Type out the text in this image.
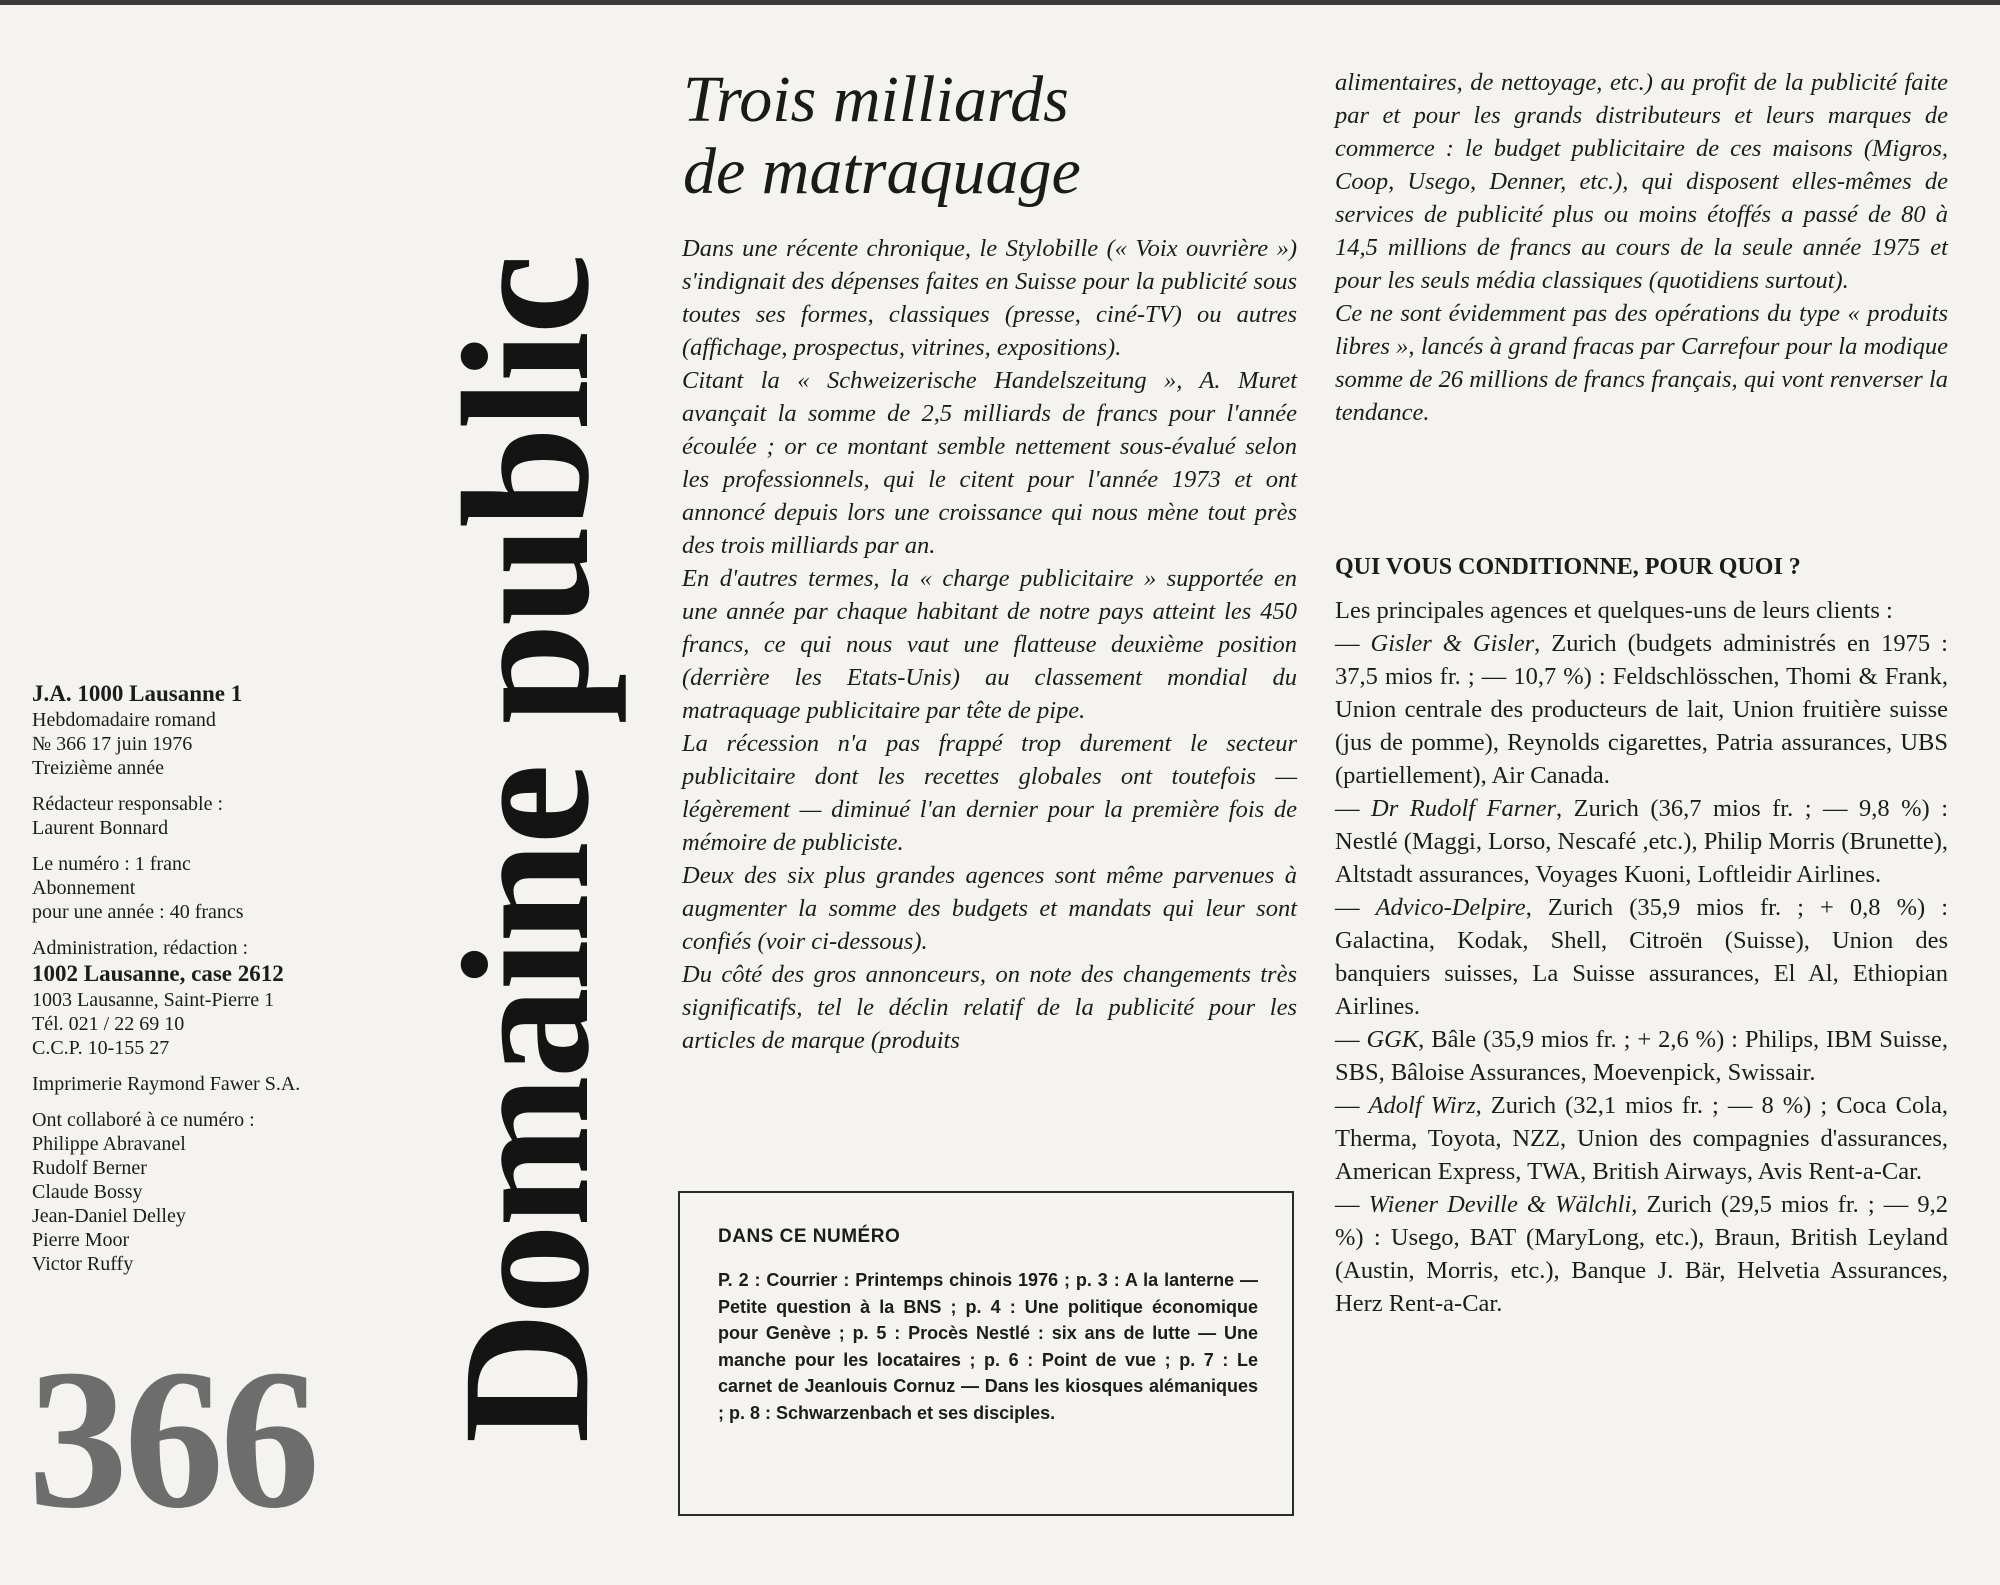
J.A. 1000 Lausanne 1
Hebdomadaire romand
№ 366 17 juin 1976
Treizième année
Rédacteur responsable :
Laurent Bonnard
Le numéro : 1 franc
Abonnement
pour une année : 40 francs
Administration, rédaction :
1002 Lausanne, case 2612
1003 Lausanne, Saint-Pierre 1
Tél. 021 / 22 69 10
C.C.P. 10-155 27
Imprimerie Raymond Fawer S.A.
Ont collaboré à ce numéro :
Philippe Abravanel
Rudolf Berner
Claude Bossy
Jean-Daniel Delley
Pierre Moor
Victor Ruffy
366 Domaine public
Trois milliards
de matraquage

Dans une récente chronique, le Stylobille (« Voix ouvrière ») s'indignait des dépenses faites en Suisse pour la publicité sous toutes ses formes, classiques (presse, ciné-TV) ou autres (affichage, prospectus, vitrines, expositions).

Citant la « Schweizerische Handelszeitung », A. Muret avançait la somme de 2,5 milliards de francs pour l'année écoulée ; or ce montant semble nettement sous-évalué selon les professionnels, qui le citent pour l'année 1973 et ont annoncé depuis lors une croissance qui nous mène tout près des trois milliards par an.

En d'autres termes, la « charge publicitaire » supportée en une année par chaque habitant de notre pays atteint les 450 francs, ce qui nous vaut une flatteuse deuxième position (derrière les Etats-Unis) au classement mondial du matraquage publicitaire par tête de pipe.

La récession n'a pas frappé trop durement le secteur publicitaire dont les recettes globales ont toutefois — légèrement — diminué l'an dernier pour la première fois de mémoire de publiciste.

Deux des six plus grandes agences sont même parvenues à augmenter la somme des budgets et mandats qui leur sont confiés (voir ci-dessous).

Du côté des gros annonceurs, on note des changements très significatifs, tel le déclin relatif de la publicité pour les articles de marque (produits

alimentaires, de nettoyage, etc.) au profit de la publicité faite par et pour les grands distributeurs et leurs marques de commerce : le budget publicitaire de ces maisons (Migros, Coop, Usego, Denner, etc.), qui disposent elles-mêmes de services de publicité plus ou moins étoffés a passé de 80 à 14,5 millions de francs au cours de la seule année 1975 et pour les seuls média classiques (quotidiens surtout).

Ce ne sont évidemment pas des opérations du type « produits libres », lancés à grand fracas par Carrefour pour la modique somme de 26 millions de francs français, qui vont renverser la tendance.

QUI VOUS CONDITIONNE, POUR QUOI ?

Les principales agences et quelques-uns de leurs clients :

— Gisler & Gisler, Zurich (budgets administrés en 1975 : 37,5 mios fr. ; — 10,7 %) : Feldschlösschen, Thomi & Frank, Union centrale des producteurs de lait, Union fruitière suisse (jus de pomme), Reynolds cigarettes, Patria assurances, UBS (partiellement), Air Canada.

— Dr Rudolf Farner, Zurich (36,7 mios fr. ; — 9,8 %) : Nestlé (Maggi, Lorso, Nescafé ,etc.), Philip Morris (Brunette), Altstadt assurances, Voyages Kuoni, Loftleidir Airlines.

— Advico-Delpire, Zurich (35,9 mios fr. ; + 0,8 %) : Galactina, Kodak, Shell, Citroën (Suisse), Union des banquiers suisses, La Suisse assurances, El Al, Ethiopian Airlines.

— GGK, Bâle (35,9 mios fr. ; + 2,6 %) : Philips, IBM Suisse, SBS, Bâloise Assurances, Moevenpick, Swissair.

— Adolf Wirz, Zurich (32,1 mios fr. ; — 8 %) ; Coca Cola, Therma, Toyota, NZZ, Union des compagnies d'assurances, American Express, TWA, British Airways, Avis Rent-a-Car.

— Wiener Deville & Wälchli, Zurich (29,5 mios fr. ; — 9,2 %) : Usego, BAT (MaryLong, etc.), Braun, British Leyland (Austin, Morris, etc.), Banque J. Bär, Helvetia Assurances, Herz Rent-a-Car.

DANS CE NUMÉRO
P. 2 : Courrier : Printemps chinois 1976 ; p. 3 : A la lanterne — Petite question à la BNS ; p. 4 : Une politique économique pour Genève ; p. 5 : Procès Nestlé : six ans de lutte — Une manche pour les locataires ; p. 6 : Point de vue ; p. 7 : Le carnet de Jeanlouis Cornuz — Dans les kiosques alémaniques ; p. 8 : Schwarzenbach et ses disciples.
